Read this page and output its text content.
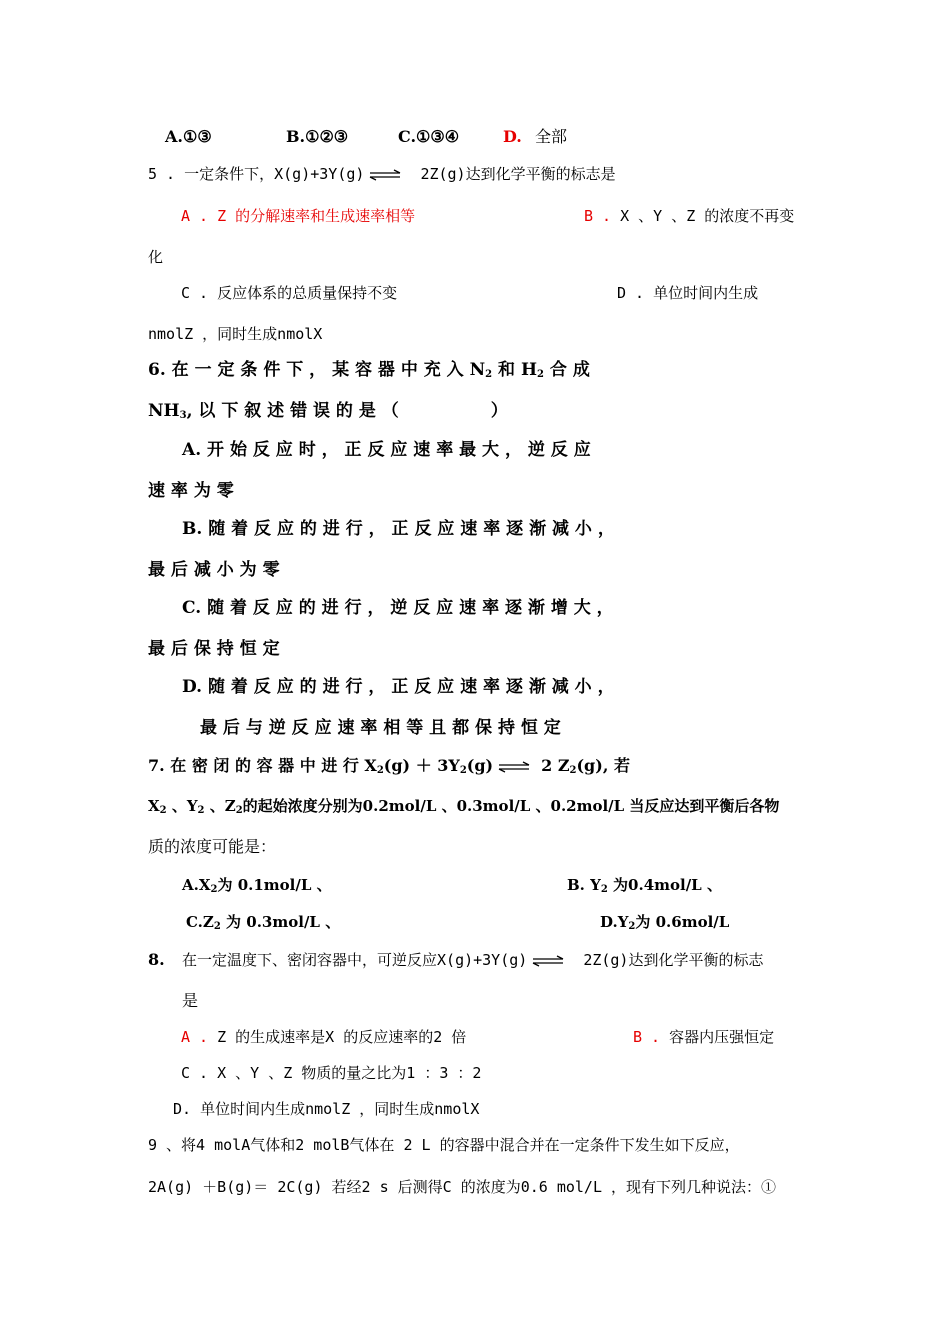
A.①③	B.①②③	C.①③④	D. 全部
5 . 一定条件下，X(g)+3Y(g) ⇌ 2Z(g)达到化学平衡的标志是
A . Z 的分解速率和生成速率相等	B . X 、Y 、Z 的浓度不再变
化
C . 反应体系的总质量保持不变	D . 单位时间内生成
nmolZ ，同时生成nmolX
6. 在 一 定 条 件 下 ， 某 容 器 中 充 入 $N_2$ 和 $H_2$ 合 成
$NH_3$, 以 下 叙 述 错 误 的 是 （	）
A. 开 始 反 应 时 ， 正 反 应 速 率 最 大 ， 逆 反 应
速 率 为 零
B. 随 着 反 应 的 进 行 ， 正 反 应 速 率 逐 渐 减 小 ，
最 后 减 小 为 零
C. 随 着 反 应 的 进 行 ， 逆 反 应 速 率 逐 渐 增 大 ，
最 后 保 持 恒 定
D. 随 着 反 应 的 进 行 ， 正 反 应 速 率 逐 渐 减 小 ，
最 后 与 逆 反 应 速 率 相 等 且 都 保 持 恒 定
7. 在 密 闭 的 容 器 中 进 行 $X_2(g) + 3Y_2(g)$ ⇌ 2 $Z_2(g)$, 若
$X_2$ 、$Y_2$ 、$Z_2$的起始浓度分别为0.2mol/L 、0.3mol/L 、0.2mol/L 当反应达到平衡后各物
质的浓度可能是：
$A.X_2$为 0.1mol/L 、	B. $Y_2$ 为0.4mol/L 、
$C.Z_2$ 为 0.3mol/L 、	$D.Y_2$为 0.6mol/L
8. 在一定温度下、密闭容器中，可逆反应X(g)+3Y(g) ⇌ 2Z(g)达到化学平衡的标志
是
A . Z 的生成速率是X 的反应速率的2 倍	B . 容器内压强恒定
C . X 、Y 、Z 物质的量之比为1 ：3 ：2
D. 单位时间内生成nmolZ ，同时生成nmolX
9 、将4 molA气体和2 molB气体在 2 L 的容器中混合并在一定条件下发生如下反应，
2A(g) ＋B(g)＝ 2C(g) 若经2 s 后测得C 的浓度为0.6 mol/L ，现有下列几种说法：①
